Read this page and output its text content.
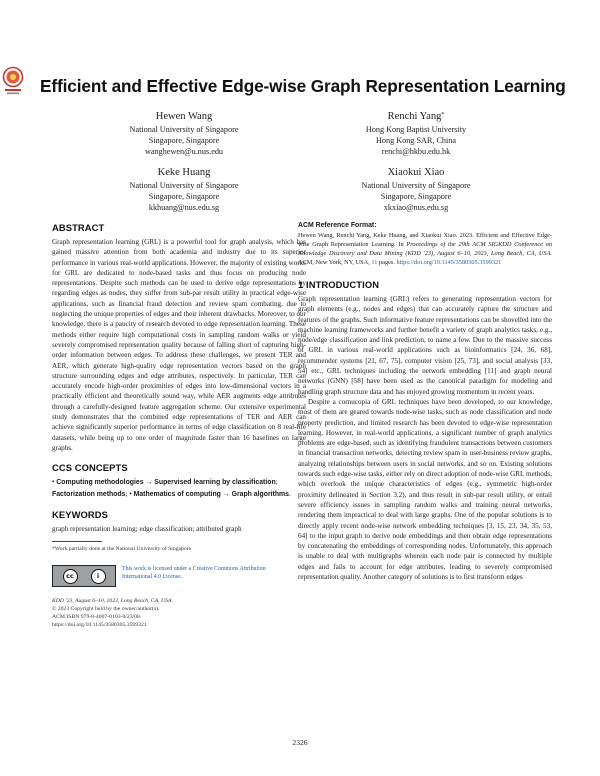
Efficient and Effective Edge-wise Graph Representation Learning
Hewen Wang
National University of Singapore
Singapore, Singapore
wanghewen@u.nus.edu
Renchi Yang*
Hong Kong Baptist University
Hong Kong SAR, China
renchi@hkbu.edu.hk
Keke Huang
National University of Singapore
Singapore, Singapore
kkhuang@nus.edu.sg
Xiaokui Xiao
National University of Singapore
Singapore, Singapore
xkxiao@nus.edu.sg
ABSTRACT

Graph representation learning (GRL) is a powerful tool for graph analysis, which has gained massive attention from both academia and industry due to its superior performance in various real-world applications. However, the majority of existing works for GRL are dedicated to node-based tasks and thus focus on producing node representations. Despite such methods can be used to derive edge representations by regarding edges as nodes, they suffer from sub-par result utility in practical edge-wise applications, such as financial fraud detection and review spam combating, due to neglecting the unique properties of edges and their inherent drawbacks. Moreover, to our knowledge, there is a paucity of research devoted to edge representation learning. These methods either require high computational costs in sampling random walks or yield severely compromised representation quality because of falling short of capturing high-order information between edges. To address these challenges, we present TER and AER, which generate high-quality edge representation vectors based on the graph structure surrounding edges and edge attributes, respectively. In particular, TER can accurately encode high-order proximities of edges into low-dimensional vectors in a practically efficient and theoretically sound way, while AER augments edge attributes through a carefully-designed feature aggregation scheme. Our extensive experimental study demonstrates that the combined edge representations of TER and AER can achieve significantly superior performance in terms of edge classification on 8 real-life datasets, while being up to one order of magnitude faster than 16 baselines on large graphs.

CCS CONCEPTS

• Computing methodologies → Supervised learning by classification; Factorization methods; • Mathematics of computing → Graph algorithms.

KEYWORDS

graph representation learning; edge classification; attributed graph

*Work partially done at the National University of Singapore
cc	i
This work is licensed under a Creative Commons Attribution International 4.0 License.
KDD '23, August 6–10, 2023, Long Beach, CA, USA.
© 2023 Copyright held by the owner/author(s).
ACM ISBN 979-8-4007-0103-0/23/08.
https://doi.org/10.1145/3580305.3599321
ACM Reference Format:
Hewen Wang, Renchi Yang, Keke Huang, and Xiaokui Xiao. 2023. Efficient and Effective Edge-wise Graph Representation Learning. In Proceedings of the 29th ACM SIGKDD Conference on Knowledge Discovery and Data Mining (KDD '23), August 6–10, 2023, Long Beach, CA, USA. ACM, New York, NY, USA, 11 pages. https://doi.org/10.1145/3580305.3599321
1 INTRODUCTION

Graph representation learning (GRL) refers to generating representation vectors for graph elements (e.g., nodes and edges) that can accurately capture the structure and features of the graphs. Such informative feature representations can be shovelled into the machine learning frameworks and further benefit a variety of graph analytics tasks, e.g., node/edge classification and link prediction, to name a few. Due to the massive success of GRL in various real-world applications such as bioinformatics [24, 36, 68], recommender systems [21, 67, 75], computer vision [25, 73], and social analysis [33, 54] etc., GRL techniques including the network embedding [11] and graph neural networks (GNN) [58] have been used as the canonical paradigm for modeling and handling graph structure data and has enjoyed growing momentum in recent years.

Despite a cornucopia of GRL techniques have been developed, to our knowledge, most of them are geared towards node-wise tasks, such as node classification and node property prediction, and limited research has been devoted to edge-wise representation learning. However, in real-world applications, a significant number of graph analytics problems are edge-based, such as identifying fraudulent transactions between customers in financial transaction networks, detecting review spam in user-business review graphs, analyzing relationships between users in social networks, and so on. Existing solutions towards such edge-wise tasks, either rely on direct adoption of node-wise GRL methods, which overlook the unique characteristics of edges (e.g., symmetric high-order proximity delineated in Section 3.2), and thus result in sub-par result utility, or entail severe efficiency issues in sampling random walks and training neural networks, rendering them impractical to deal with large graphs. One of the popular solutions is to directly apply recent node-wise network embedding techniques [3, 15, 23, 34, 35, 53, 64] to the input graph to derive node embeddings and then obtain edge representations by concatenating the embeddings of corresponding nodes. Unfortunately, this approach is unable to deal with multigraphs wherein each node pair is connected by multiple edges and fails to account for edge attributes, leading to severely compromised representation quality. Another category of solutions is to first transform edges

2326
